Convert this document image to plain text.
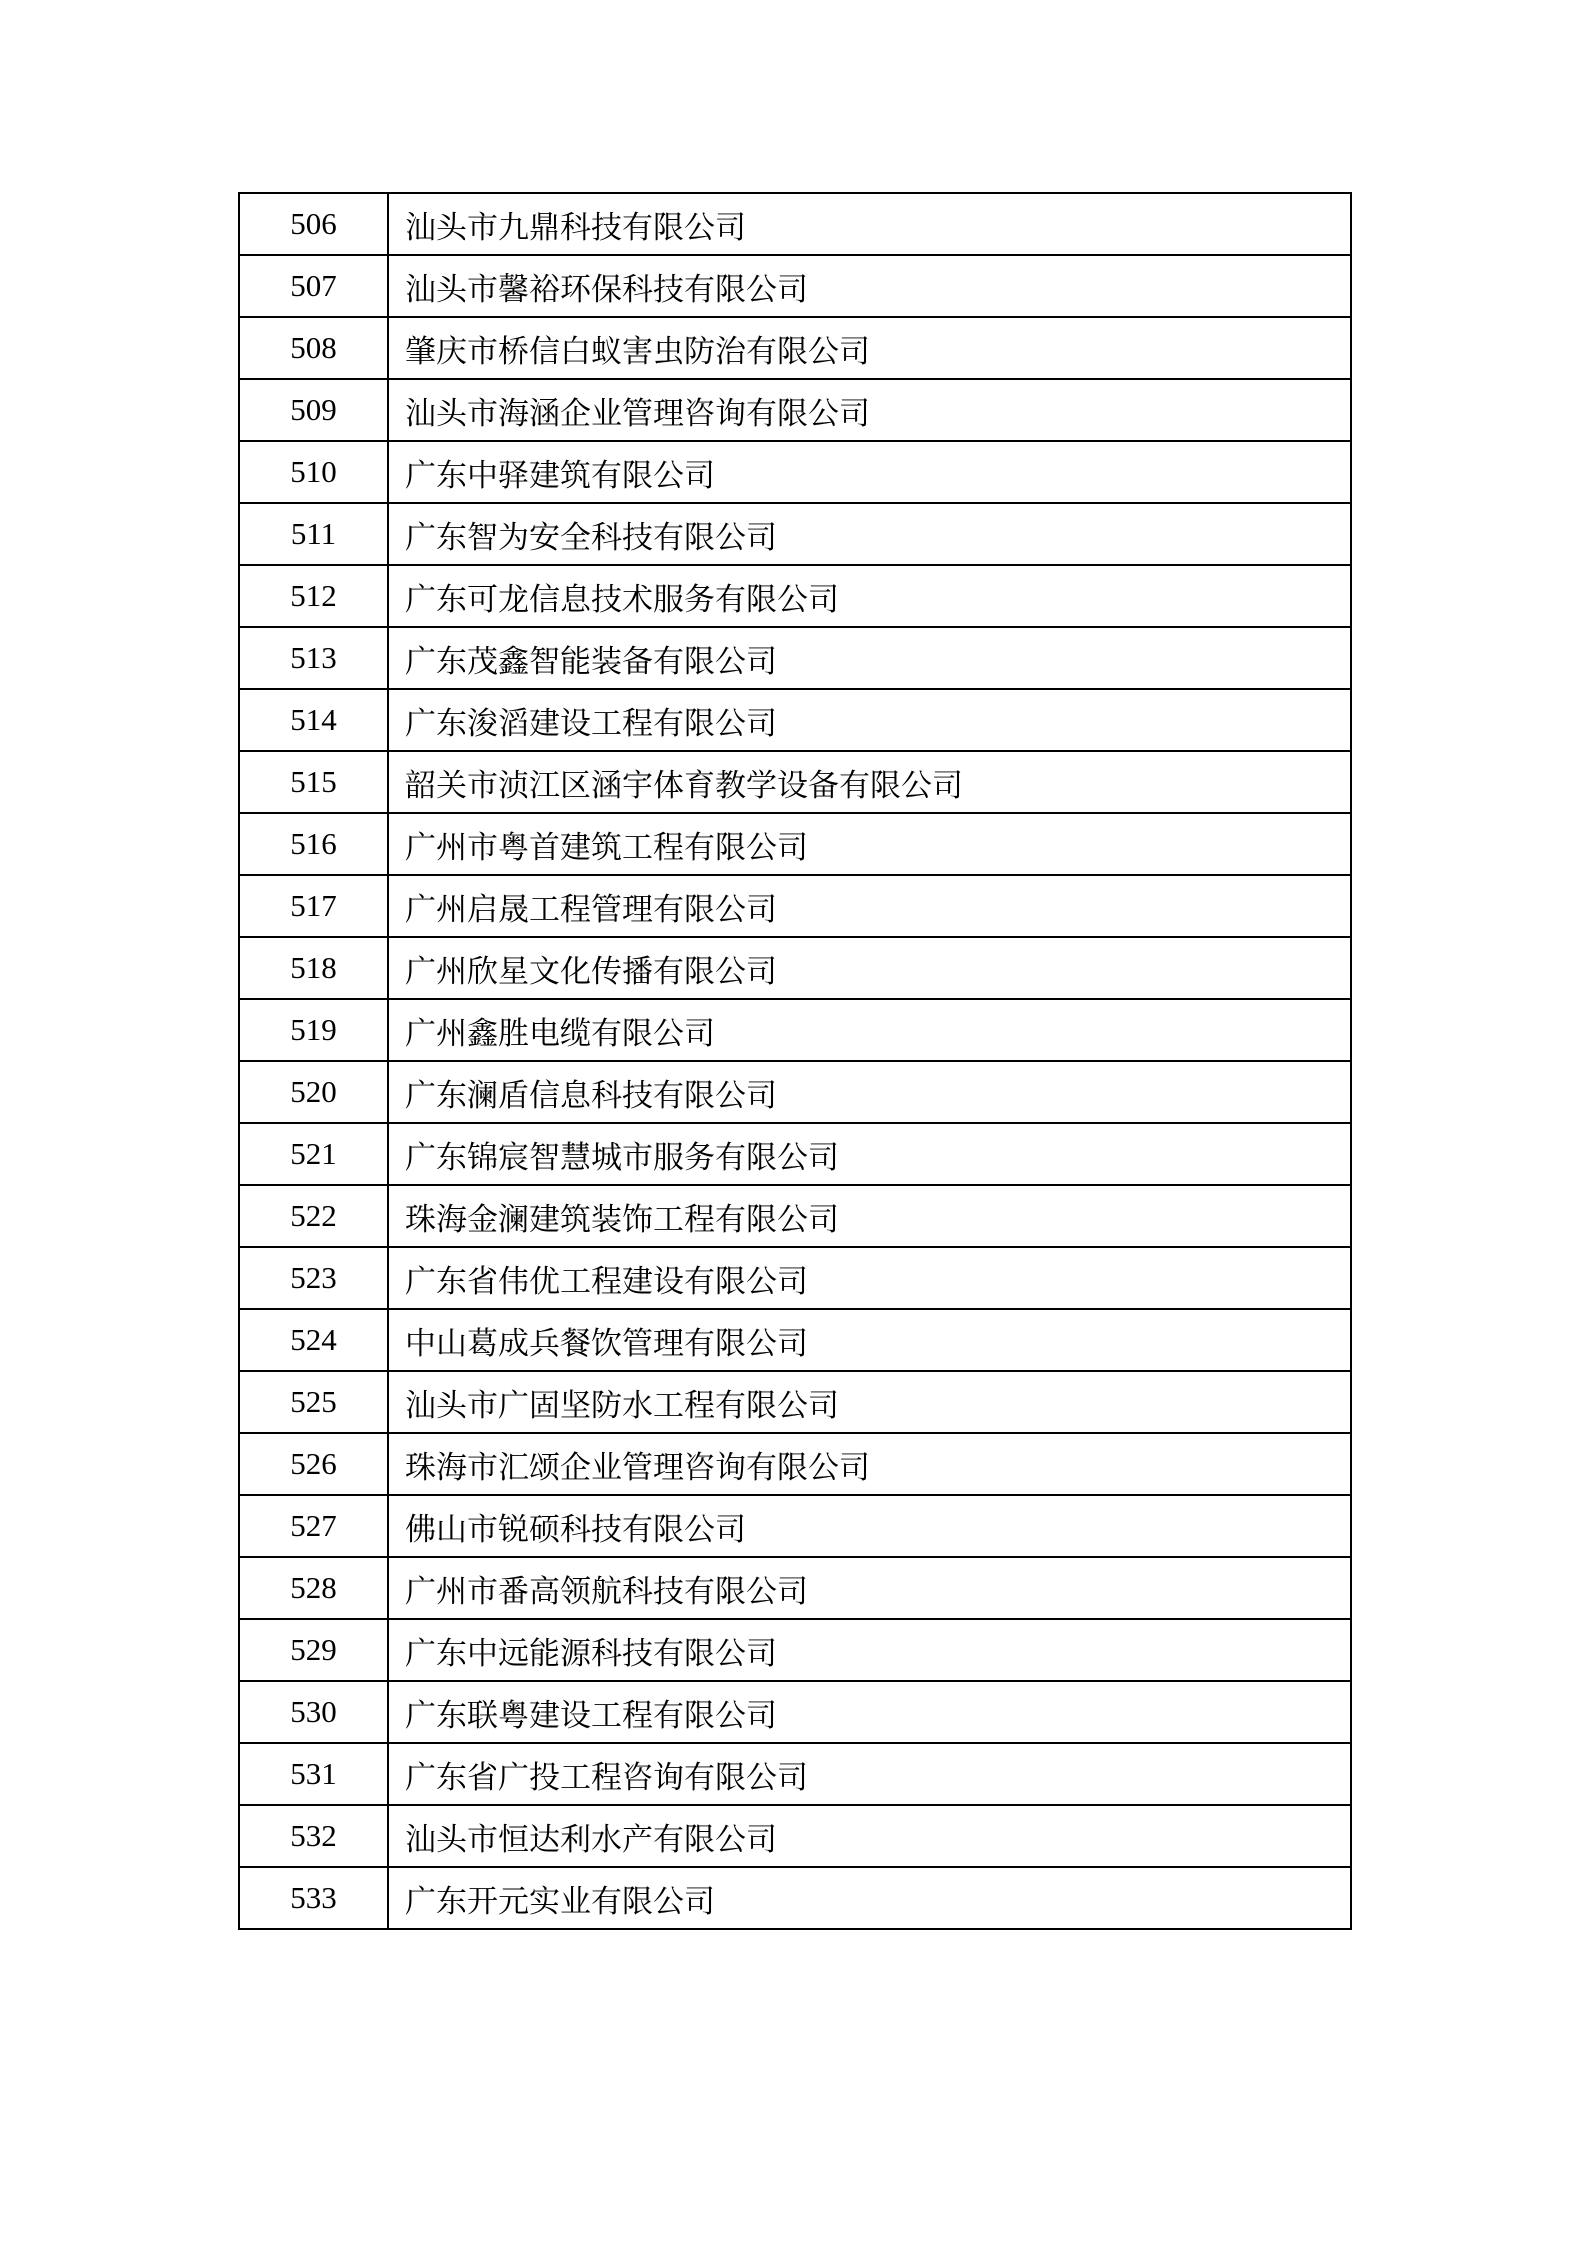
506	汕头市九鼎科技有限公司
507	汕头市馨裕环保科技有限公司
508	肇庆市桥信白蚁害虫防治有限公司
509	汕头市海涵企业管理咨询有限公司
510	广东中驿建筑有限公司
511	广东智为安全科技有限公司
512	广东可龙信息技术服务有限公司
513	广东茂鑫智能装备有限公司
514	广东浚滔建设工程有限公司
515	韶关市浈江区涵宇体育教学设备有限公司
516	广州市粤首建筑工程有限公司
517	广州启晟工程管理有限公司
518	广州欣星文化传播有限公司
519	广州鑫胜电缆有限公司
520	广东澜盾信息科技有限公司
521	广东锦宸智慧城市服务有限公司
522	珠海金澜建筑装饰工程有限公司
523	广东省伟优工程建设有限公司
524	中山葛成兵餐饮管理有限公司
525	汕头市广固坚防水工程有限公司
526	珠海市汇颂企业管理咨询有限公司
527	佛山市锐硕科技有限公司
528	广州市番高领航科技有限公司
529	广东中远能源科技有限公司
530	广东联粤建设工程有限公司
531	广东省广投工程咨询有限公司
532	汕头市恒达利水产有限公司
533	广东开元实业有限公司
